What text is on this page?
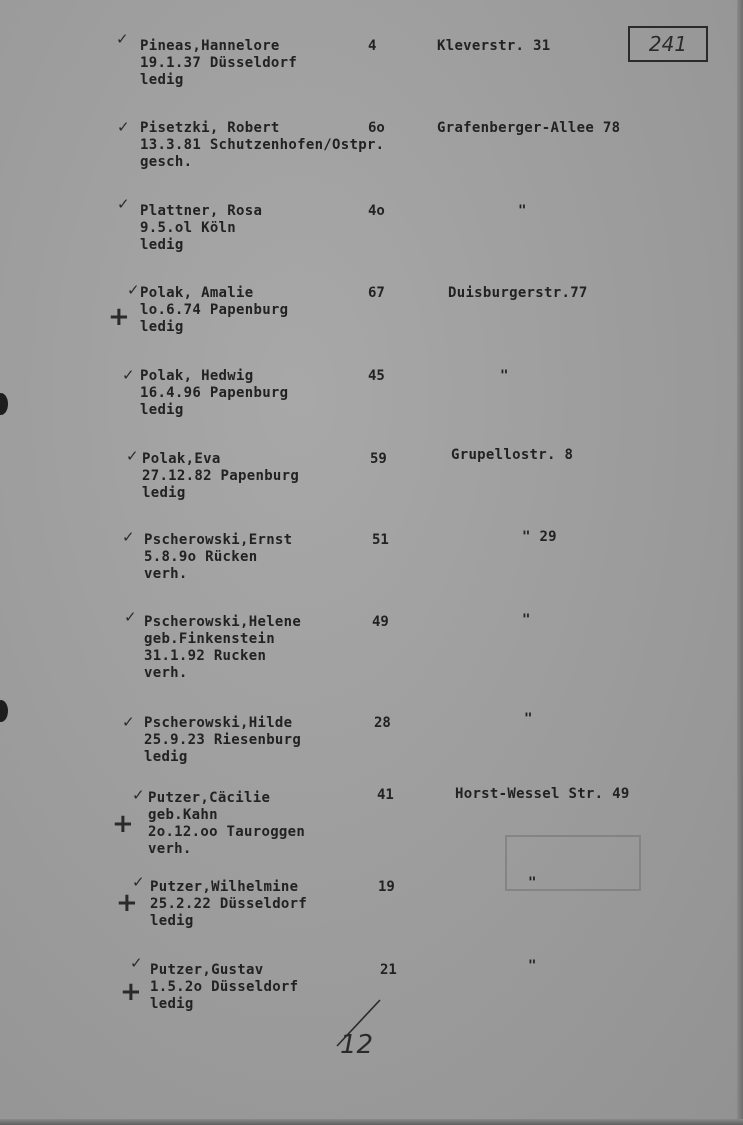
241
✓ Pineas,Hannelore
19.1.37 Düsseldorf
ledig
4	Kleverstr. 31
✓ Pisetzki, Robert
13.3.81 Schutzenhofen/Ostpr.
gesch.
6o	Grafenberger-Allee 78
✓ Plattner, Rosa
9.5.ol Köln
ledig
4o	"
✓
+
Polak, Amalie
lo.6.74 Papenburg
ledig
67	Duisburgerstr.77
✓ Polak, Hedwig
16.4.96 Papenburg
ledig
45	"
✓ Polak,Eva
27.12.82 Papenburg
ledig
59	Grupellostr. 8
✓ Pscherowski,Ernst
5.8.9o Rücken
verh.
51	" 29
✓ Pscherowski,Helene
geb.Finkenstein
31.1.92 Rucken
verh.
49	"
✓ Pscherowski,Hilde
25.9.23 Riesenburg
ledig
28	"
✓
+
Putzer,Cäcilie
geb.Kahn
2o.12.oo Tauroggen
verh.
41	Horst-Wessel Str. 49
✓
+
Putzer,Wilhelmine
25.2.22 Düsseldorf
ledig
19	"
✓
+
Putzer,Gustav
1.5.2o Düsseldorf
ledig
21	"
12
